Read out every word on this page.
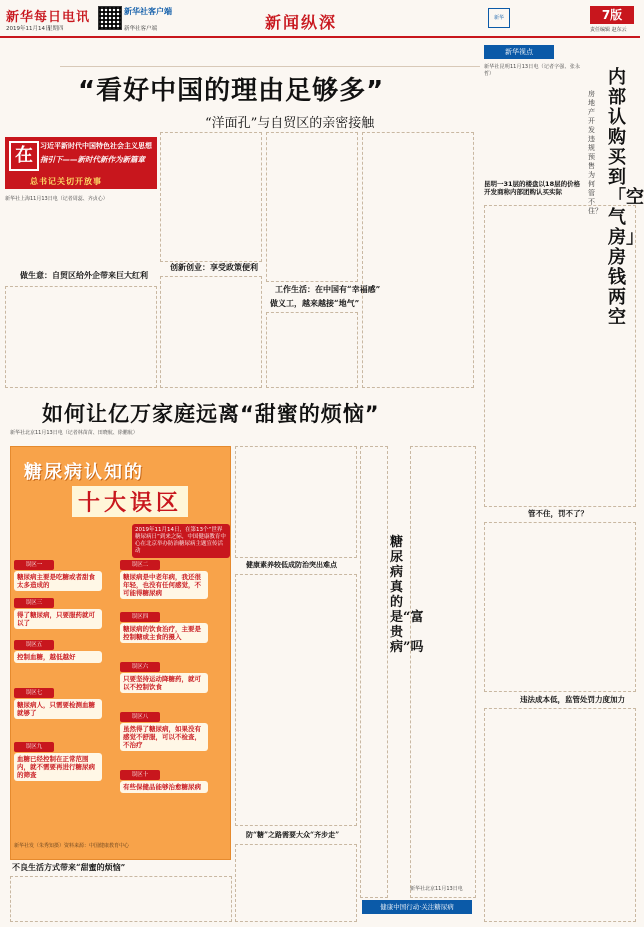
新华每日电讯
2019年11月14日
星期四
新华社客户端
新华社客户端	新闻纵深	新华	7版
责任编辑 赵东云
“看好中国的理由足够多”
“洋面孔”与自贸区的亲密接触
在	习近平新时代中国特色社会主义思想
指引下——新时代新作为新篇章
总书记关切开放事
新华社上海11月13日电（记者周蕊、齐贞心）
做生意：自贸区给外企带来巨大红利
创新创业：享受政策便利
工作生活：在中国有“幸福感”
做义工，越来越接“地气”
新华视点
内部认购买到「空气房」房钱两空
房地产开发违规预售为何管不住？
新华社昆明11月13日电（记者字强、张永哲）
昆明一31层的楼盘以18层的价格开发商称内部团购认买实际
管不住，罚不了？
违法成本低，监管处罚力度加力
如何让亿万家庭远离“甜蜜的烦恼”
新华社北京11月13日电（记者林苗苗、田晓航、徐鹏航）
糖尿病认知的
十大误区
2019年11月14日，在第13个“世界糖尿病日”到来之际，中国健康教育中心在北京举办防治糖尿病主题宣传活动
误区一
糖尿病主要是吃糖或者甜食太多造成的
误区二
糖尿病是中老年病，我还很年轻，也没有任何感觉，不可能得糖尿病
误区三
得了糖尿病，只要服药就可以了
误区四
糖尿病的饮食治疗，主要是控制糖或主食的摄入
误区五
控制血糖，越低越好
误区六
只要坚持运动降糖药，就可以不控制饮食
误区七
糖尿病人，只需要检测血糖就够了	误区八
虽然得了糖尿病，如果没有感觉不舒服，可以不检查，不治疗
误区九
血糖已经控制在正常范围内，就不需要再进行糖尿病的筛查	误区十
有些保健品能够治愈糖尿病
新华社发（朱秀知摄）资料来源：中国健康教育中心
不良生活方式带来“甜蜜的烦恼”
健康素养较低成防治突出难点
防“糖”之路需要大众“齐步走”
糖尿病真的是“富贵病”吗
新华社北京11月13日电
健康中国行动·关注糖尿病
